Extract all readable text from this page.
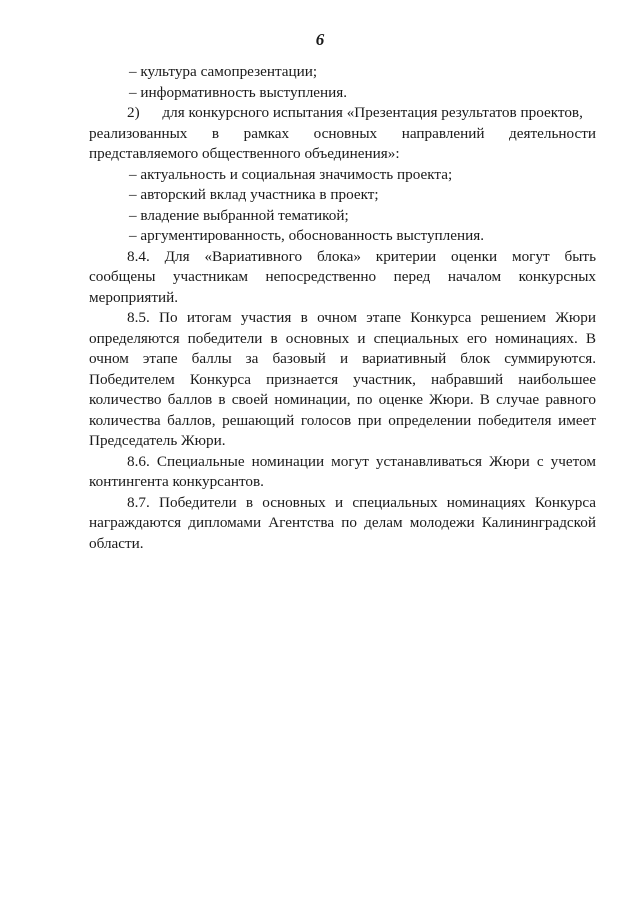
6
– культура самопрезентации;
– информативность выступления.
2)      для конкурсного испытания «Презентация результатов проектов,
реализованных в рамках основных направлений деятельности
представляемого общественного объединения»:
– актуальность и социальная значимость проекта;
– авторский вклад участника в проект;
– владение выбранной тематикой;
– аргументированность, обоснованность выступления.
8.4. Для «Вариативного блока» критерии оценки могут быть
сообщены участникам непосредственно перед началом конкурсных
мероприятий.
8.5. По итогам участия в очном этапе Конкурса решением Жюри
определяются победители в основных и специальных его номинациях. В
очном этапе баллы за базовый и вариативный блок суммируются.
Победителем Конкурса признается участник, набравший наибольшее
количество баллов в своей номинации, по оценке Жюри. В случае равного
количества баллов, решающий голосов при определении победителя имеет
Председатель Жюри.
8.6. Специальные номинации могут устанавливаться Жюри с учетом
контингента конкурсантов.
8.7. Победители в основных и специальных номинациях Конкурса
награждаются дипломами Агентства по делам молодежи Калининградской
области.
